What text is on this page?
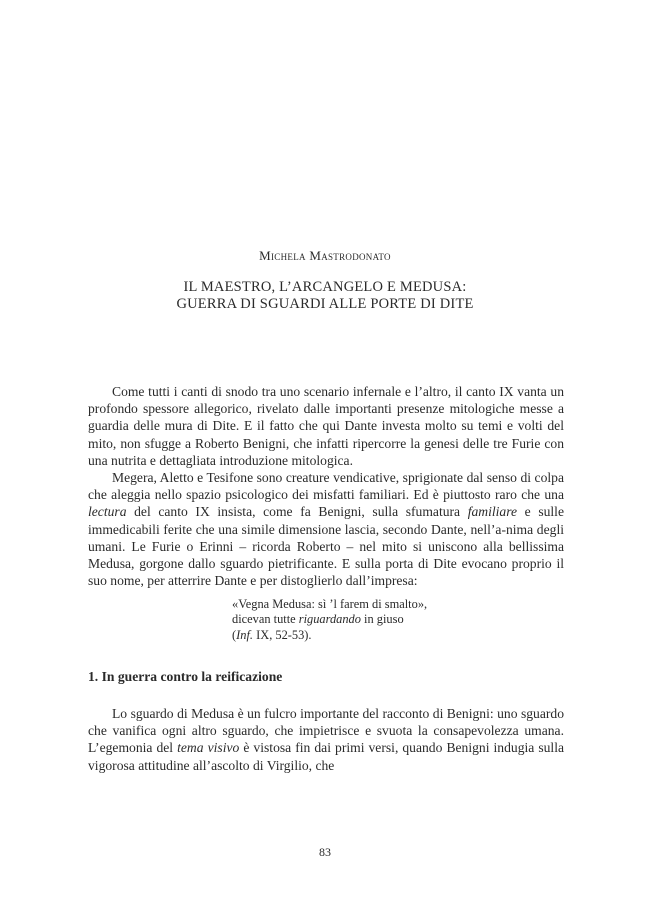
Michela Mastrodonato
IL MAESTRO, L’ARCANGELO E MEDUSA:
GUERRA DI SGUARDI ALLE PORTE DI DITE

Come tutti i canti di snodo tra uno scenario infernale e l’altro, il canto IX vanta un profondo spessore allegorico, rivelato dalle importanti presenze mitologiche messe a guardia delle mura di Dite. E il fatto che qui Dante investa molto su temi e volti del mito, non sfugge a Roberto Benigni, che infatti ripercorre la genesi delle tre Furie con una nutrita e dettagliata introduzione mitologica.

Megera, Aletto e Tesifone sono creature vendicative, sprigionate dal senso di colpa che aleggia nello spazio psicologico dei misfatti familiari. Ed è piuttosto raro che una lectura del canto IX insista, come fa Benigni, sulla sfumatura familiare e sulle immedicabili ferite che una simile dimensione lascia, secondo Dante, nell’a-nima degli umani. Le Furie o Erinni – ricorda Roberto – nel mito si uniscono alla bellissima Medusa, gorgone dallo sguardo pietrificante. E sulla porta di Dite evocano proprio il suo nome, per atterrire Dante e per distoglierlo dall’impresa:

«Vegna Medusa: sì ’l farem di smalto»,
dicevan tutte riguardando in giuso
(Inf. IX, 52-53).
1. In guerra contro la reificazione

Lo sguardo di Medusa è un fulcro importante del racconto di Benigni: uno sguardo che vanifica ogni altro sguardo, che impietrisce e svuota la consapevolezza umana. L’egemonia del tema visivo è vistosa fin dai primi versi, quando Benigni indugia sulla vigorosa attitudine all’ascolto di Virgilio, che

83
